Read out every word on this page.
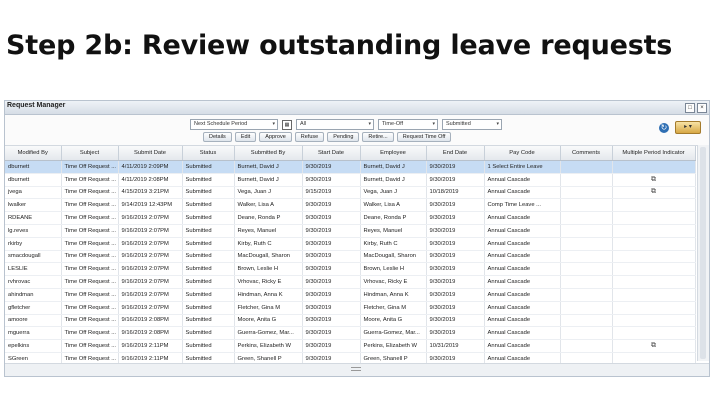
Step 2b: Review outstanding leave requests
Request Manager	□	×
Next Schedule Period	▾	▦	All	▾	Time-Off	▾	Submitted	▾
Details	Edit	Approve	Refuse	Pending	Retire...	Request Time Off
↻	▸ ▾
Modified By	Subject	Submit Date	Status	Submitted By	Start Date	Employee	End Date	Pay Code	Comments	Multiple Period Indicator
dburnett	Time Off Request ...	4/11/2019 2:09PM	Submitted	Burnett, David J	9/30/2019	Burnett, David J	9/30/2019	1 Select Entire Leave		
dburnett	Time Off Request ...	4/11/2019 2:08PM	Submitted	Burnett, David J	9/30/2019	Burnett, David J	9/30/2019	Annual Cascade		⧉
jvega	Time Off Request ...	4/15/2019 3:21PM	Submitted	Vega, Juan J	9/15/2019	Vega, Juan J	10/18/2019	Annual Cascade		⧉
lwalker	Time Off Request ...	9/14/2019 12:43PM	Submitted	Walker, Lisa A	9/30/2019	Walker, Lisa A	9/30/2019	Comp Time Leave ...		
RDEANE	Time Off Request ...	9/16/2019 2:07PM	Submitted	Deane, Ronda P	9/30/2019	Deane, Ronda P	9/30/2019	Annual Cascade		
lg.reves	Time Off Request ...	9/16/2019 2:07PM	Submitted	Reyes, Manuel	9/30/2019	Reyes, Manuel	9/30/2019	Annual Cascade		
rkirby	Time Off Request ...	9/16/2019 2:07PM	Submitted	Kirby, Ruth C	9/30/2019	Kirby, Ruth C	9/30/2019	Annual Cascade		
smacdougall	Time Off Request ...	9/16/2019 2:07PM	Submitted	MacDougall, Sharon	9/30/2019	MacDougall, Sharon	9/30/2019	Annual Cascade		
LESLIE	Time Off Request ...	9/16/2019 2:07PM	Submitted	Brown, Leslie H	9/30/2019	Brown, Leslie H	9/30/2019	Annual Cascade		
rvhrovac	Time Off Request ...	9/16/2019 2:07PM	Submitted	Vrhovac, Ricky E	9/30/2019	Vrhovac, Ricky E	9/30/2019	Annual Cascade		
ahindman	Time Off Request ...	9/16/2019 2:07PM	Submitted	Hindman, Anna K	9/30/2019	Hindman, Anna K	9/30/2019	Annual Cascade		
gfletcher	Time Off Request ...	9/16/2019 2:07PM	Submitted	Fletcher, Gina M	9/30/2019	Fletcher, Gina M	9/30/2019	Annual Cascade		
amoore	Time Off Request ...	9/16/2019 2:08PM	Submitted	Moore, Anita G	9/30/2019	Moore, Anita G	9/30/2019	Annual Cascade		
mguerra	Time Off Request ...	9/16/2019 2:08PM	Submitted	Guerra-Gomez, Mar...	9/30/2019	Guerra-Gomez, Mar...	9/30/2019	Annual Cascade		
epelkins	Time Off Request ...	9/16/2019 2:11PM	Submitted	Perkins, Elizabeth W	9/30/2019	Perkins, Elizabeth W	10/31/2019	Annual Cascade		⧉
SGreen	Time Off Request ...	9/16/2019 2:11PM	Submitted	Green, Shanell P	9/30/2019	Green, Shanell P	9/30/2019	Annual Cascade		
